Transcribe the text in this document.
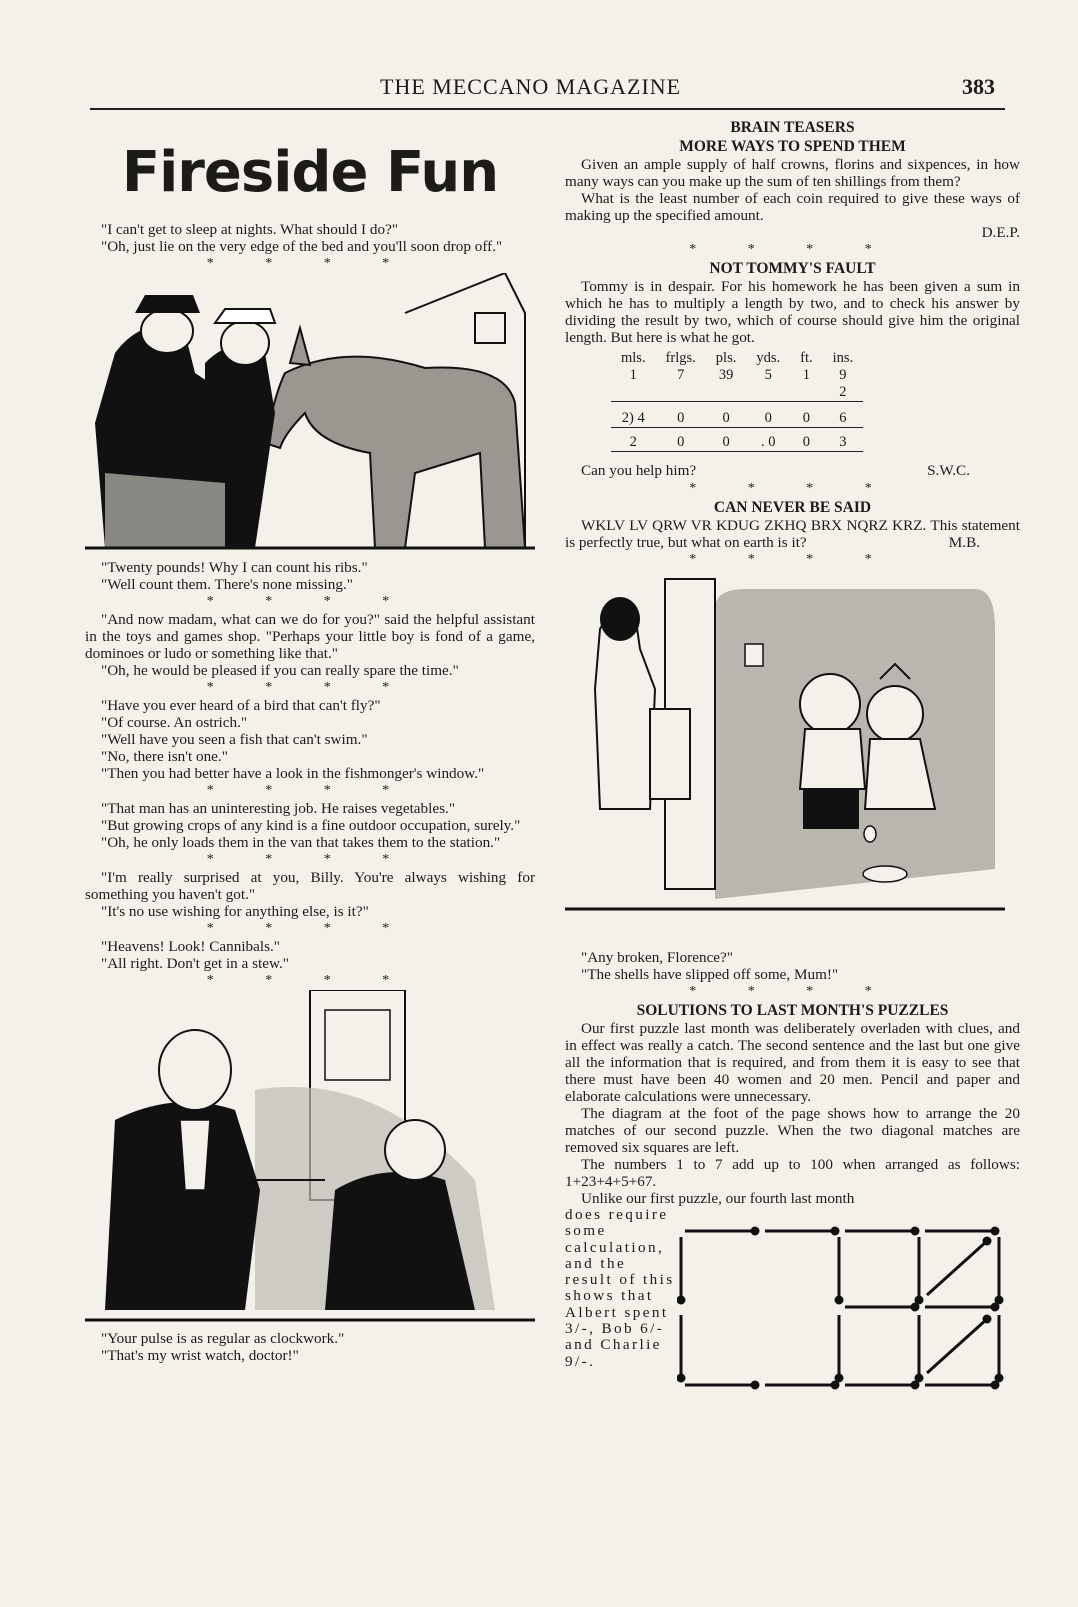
THE MECCANO MAGAZINE	383
Fireside Fun

"I can't get to sleep at nights. What should I do?"

"Oh, just lie on the very edge of the bed and you'll soon drop off."

* * * *

"Twenty pounds! Why I can count his ribs."

"Well count them. There's none missing."

* * * *

"And now madam, what can we do for you?" said the helpful assistant in the toys and games shop. "Perhaps your little boy is fond of a game, dominoes or ludo or something like that."

"Oh, he would be pleased if you can really spare the time."

* * * *

"Have you ever heard of a bird that can't fly?"

"Of course. An ostrich."

"Well have you seen a fish that can't swim."

"No, there isn't one."

"Then you had better have a look in the fishmonger's window."

* * * *

"That man has an uninteresting job. He raises vegetables."

"But growing crops of any kind is a fine outdoor occupation, surely."

"Oh, he only loads them in the van that takes them to the station."

* * * *

"I'm really surprised at you, Billy. You're always wishing for something you haven't got."

"It's no use wishing for anything else, is it?"

* * * *

"Heavens! Look! Cannibals."

"All right. Don't get in a stew."

* * * *

"Your pulse is as regular as clockwork."

"That's my wrist watch, doctor!"

BRAIN TEASERS
MORE WAYS TO SPEND THEM

Given an ample supply of half crowns, florins and sixpences, in how many ways can you make up the sum of ten shillings from them?

What is the least number of each coin required to give these ways of making up the specified amount.

D.E.P.

* * * *
NOT TOMMY'S FAULT

Tommy is in despair. For his homework he has been given a sum in which he has to multiply a length by two, and to check his answer by dividing the result by two, which of course should give him the original length. But here is what he got.

mls.	frlgs.	pls.	yds.	ft.	ins.
1	7	39	5	1	9
					2

2) 4	0	0	0	0	6

2	0	0	. 0	0	3

Can you help him?	S.W.C.
* * * *
CAN NEVER BE SAID

WKLV LV QRW VR KDUG ZKHQ BRX NQRZ KRZ. This statement is perfectly true, but what on earth is it?	M.B.

* * * *

"Any broken, Florence?"

"The shells have slipped off some, Mum!"

* * * *
SOLUTIONS TO LAST MONTH'S PUZZLES

Our first puzzle last month was deliberately overladen with clues, and in effect was really a catch. The second sentence and the last but one give all the information that is required, and from them it is easy to see that there must have been 40 women and 20 men. Pencil and paper and elaborate calculations were unnecessary.

The diagram at the foot of the page shows how to arrange the 20 matches of our second puzzle. When the two diagonal matches are removed six squares are left.

The numbers 1 to 7 add up to 100 when arranged as follows: 1+23+4+5+67.

Unlike our first puzzle, our fourth last month

does require some calculation, and the result of this shows that Albert spent 3/-, Bob 6/- and Charlie 9/-.
